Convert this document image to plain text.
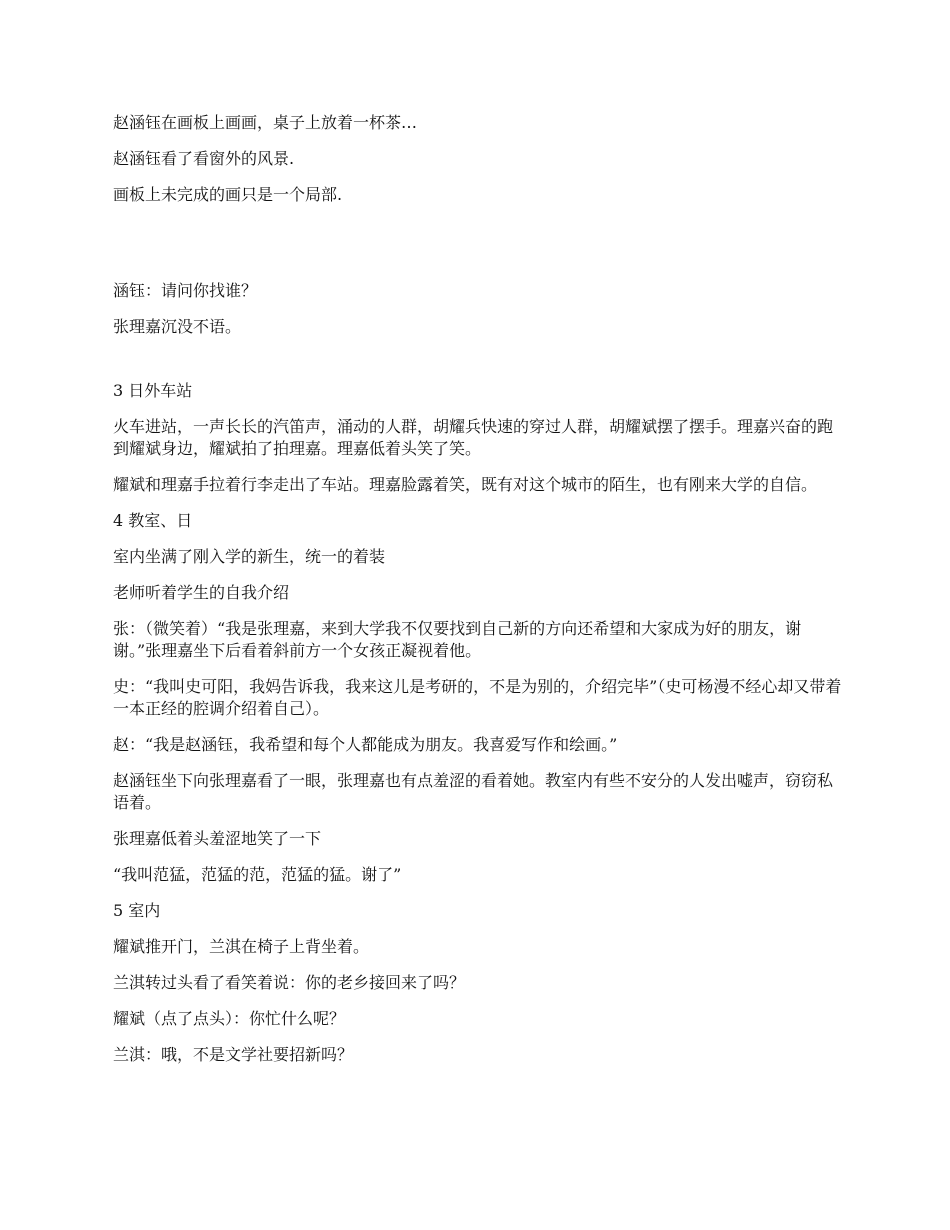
赵涵钰在画板上画画，桌子上放着一杯茶…

赵涵钰看了看窗外的风景.

画板上未完成的画只是一个局部.

涵钰：请问你找谁？

张理嘉沉没不语。

3 日外车站

火车进站，一声长长的汽笛声，涌动的人群，胡耀兵快速的穿过人群，胡耀斌摆了摆手。理嘉兴奋的跑到耀斌身边，耀斌拍了拍理嘉。理嘉低着头笑了笑。

耀斌和理嘉手拉着行李走出了车站。理嘉脸露着笑，既有对这个城市的陌生，也有刚来大学的自信。

4 教室、日

室内坐满了刚入学的新生，统一的着装

老师听着学生的自我介绍

张：（微笑着）“我是张理嘉，来到大学我不仅要找到自己新的方向还希望和大家成为好的朋友，谢谢。”张理嘉坐下后看着斜前方一个女孩正凝视着他。

史：“我叫史可阳，我妈告诉我，我来这儿是考研的，不是为别的，介绍完毕”（史可杨漫不经心却又带着一本正经的腔调介绍着自己）。

赵：“我是赵涵钰，我希望和每个人都能成为朋友。我喜爱写作和绘画。”

赵涵钰坐下向张理嘉看了一眼，张理嘉也有点羞涩的看着她。教室内有些不安分的人发出嘘声，窃窃私语着。

张理嘉低着头羞涩地笑了一下

“我叫范猛，范猛的范，范猛的猛。谢了”

5 室内

耀斌推开门，兰淇在椅子上背坐着。

兰淇转过头看了看笑着说：你的老乡接回来了吗？

耀斌（点了点头）：你忙什么呢？

兰淇：哦，不是文学社要招新吗？
